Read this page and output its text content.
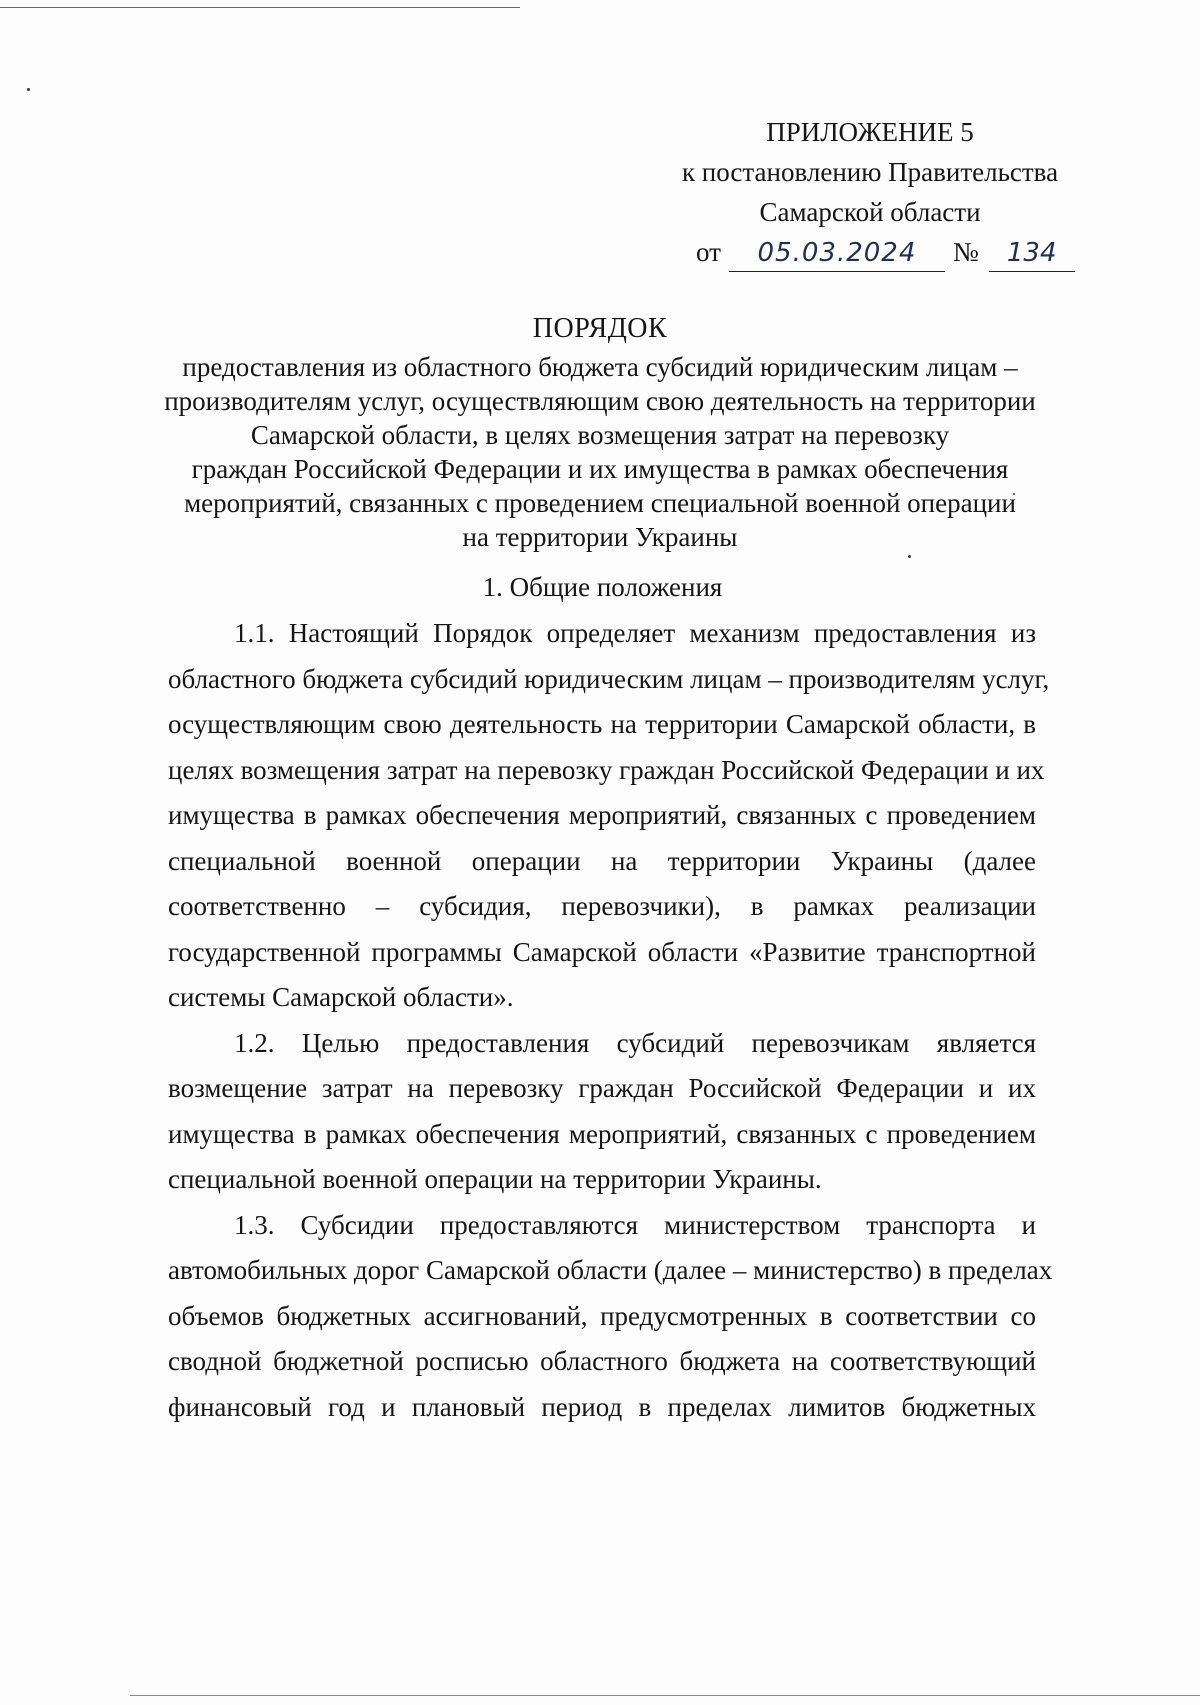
ПРИЛОЖЕНИЕ 5
к постановлению Правительства
Самарской области
от 05.03.2024 № 134
ПОРЯДОК
предоставления из областного бюджета субсидий юридическим лицам –
производителям услуг, осуществляющим свою деятельность на территории
Самарской области, в целях возмещения затрат на перевозку
граждан Российской Федерации и их имущества в рамках обеспечения
мероприятий, связанных с проведением специальной военной операции
на территории Украины
1. Общие положения

1.1. Настоящий Порядок определяет механизм предоставления из
областного бюджета субсидий юридическим лицам – производителям услуг,
осуществляющим свою деятельность на территории Самарской области, в
целях возмещения затрат на перевозку граждан Российской Федерации и их
имущества в рамках обеспечения мероприятий, связанных с проведением
специальной военной операции на территории Украины (далее
соответственно – субсидия, перевозчики), в рамках реализации
государственной программы Самарской области «Развитие транспортной
системы Самарской области».

1.2. Целью предоставления субсидий перевозчикам является
возмещение затрат на перевозку граждан Российской Федерации и их
имущества в рамках обеспечения мероприятий, связанных с проведением
специальной военной операции на территории Украины.

1.3. Субсидии предоставляются министерством транспорта и
автомобильных дорог Самарской области (далее – министерство) в пределах
объемов бюджетных ассигнований, предусмотренных в соответствии со
сводной бюджетной росписью областного бюджета на соответствующий
финансовый год и плановый период в пределах лимитов бюджетных
